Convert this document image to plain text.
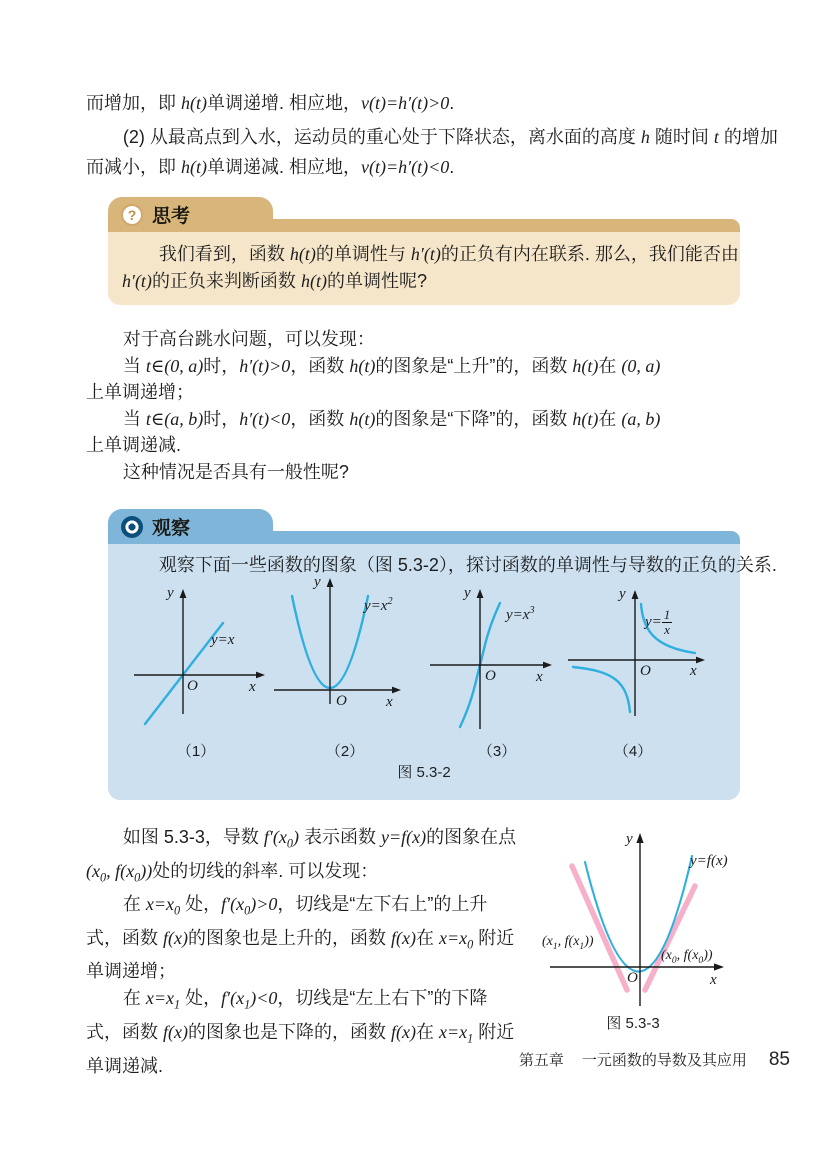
而增加，即 h(t)单调递增. 相应地，v(t)=h′(t)>0.
(2) 从最高点到入水，运动员的重心处于下降状态，离水面的高度 h 随时间 t 的增加
而减小，即 h(t)单调递减. 相应地，v(t)=h′(t)<0.
? 思考
我们看到，函数 h(t)的单调性与 h′(t)的正负有内在联系. 那么，我们能否由
h′(t)的正负来判断函数 h(t)的单调性呢?
对于高台跳水问题，可以发现：
当 t∈(0, a)时，h′(t)>0，函数 h(t)的图象是“上升”的，函数 h(t)在 (0, a)
上单调递增；
当 t∈(a, b)时，h′(t)<0，函数 h(t)的图象是“下降”的，函数 h(t)在 (a, b)
上单调递减.
这种情况是否具有一般性呢?
观察
观察下面一些函数的图象（图 5.3-2），探讨函数的单调性与导数的正负的关系.
y
x
O
y=x
y
x
O
$y=x^2$
y
x
O
$y=x^3$
y
x
O
$y= \frac{1}{x}$
（1）	（2）	（3）	（4）
图 5.3-2
如图 5.3-3，导数 $f'(x_0)$ 表示函数 y=f(x)的图象在点
($x_0$, $f(x_0)$)处的切线的斜率. 可以发现：
在 $x=x_0$ 处，$f'(x_0)>0$，切线是“左下右上”的上升
式，函数 f(x)的图象也是上升的，函数 f(x)在 $x=x_0$ 附近
单调递增；
在 $x=x_1$ 处，$f'(x_1)<0$，切线是“左上右下”的下降
式，函数 f(x)的图象也是下降的，函数 f(x)在 $x=x_1$ 附近
单调递减.
y
x
O
y=f(x)
($x_1$, $f(x_1)$)
($x_0$, $f(x_0)$)
图 5.3-3
第五章 一元函数的导数及其应用 85
